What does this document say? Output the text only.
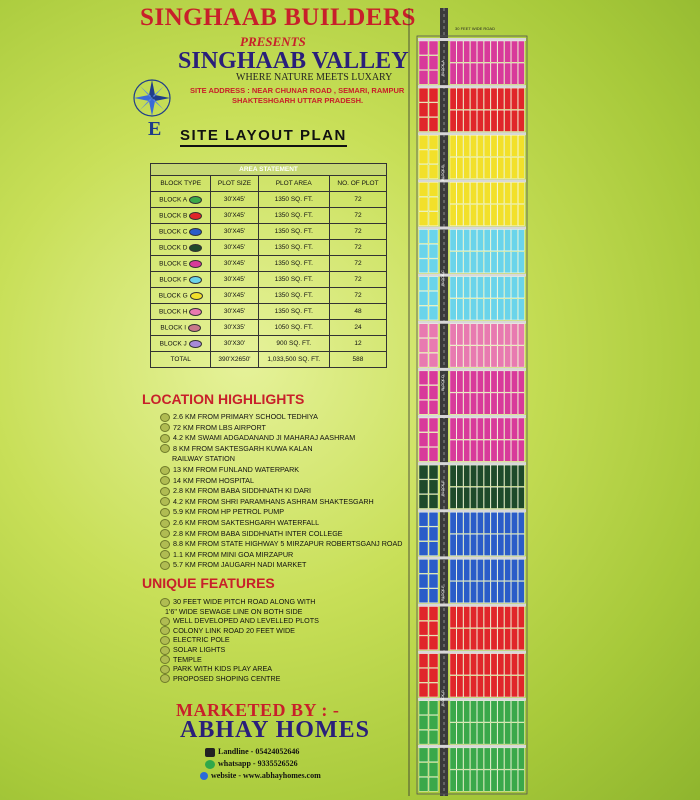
SINGHAAB BUILDERS
PRESENTS
SINGHAAB VALLEY
WHERE NATURE MEETS LUXARY
SITE ADDRESS : NEAR CHUNAR ROAD , SEMARI, RAMPUR
SHAKTESHGARH UTTAR PRADESH.
E SITE LAYOUT PLAN
AREA STATEMENT			
BLOCK TYPE	PLOT SIZE	PLOT AREA	NO. OF PLOT
BLOCK A	30'X45'	1350 SQ. FT.	72
BLOCK B	30'X45'	1350 SQ. FT.	72
BLOCK C	30'X45'	1350 SQ. FT.	72
BLOCK D	30'X45'	1350 SQ. FT.	72
BLOCK E	30'X45'	1350 SQ. FT.	72
BLOCK F	30'X45'	1350 SQ. FT.	72
BLOCK G	30'X45'	1350 SQ. FT.	72
BLOCK H	30'X45'	1350 SQ. FT.	48
BLOCK I	30'X35'	1050 SQ. FT.	24
BLOCK J	30'X30'	900 SQ. FT.	12
TOTAL	390'X2650'	1,033,500 SQ. FT.	588
LOCATION HIGHLIGHTS
2.6 KM FROM PRIMARY SCHOOL TEDHIYA
72 KM FROM LBS AIRPORT
4.2 KM SWAMI ADGADANAND JI MAHARAJ AASHRAM
8 KM FROM SAKTESGARH KUWA KALAN
RAILWAY STATION
13 KM FROM FUNLAND WATERPARK
14 KM FROM HOSPITAL
2.8 KM FROM BABA SIDDHNATH KI DARI
4.2 KM FROM SHRI PARAMHANS ASHRAM SHAKTESGARH
5.9 KM FROM HP PETROL PUMP
2.6 KM FROM SAKTESHGARH WATERFALL
2.8 KM FROM BABA SIDDHNATH INTER COLLEGE
8.8 KM FROM STATE HIGHWAY 5 MIRZAPUR ROBERTSGANJ ROAD
1.1 KM FROM MINI GOA MIRZAPUR
5.7 KM FROM JAUGARH NADI MARKET
UNIQUE FEATURES
30 FEET WIDE PITCH ROAD ALONG WITH
1'6" WIDE SEWAGE LINE ON BOTH SIDE
WELL DEVELOPED AND LEVELLED PLOTS
COLONY LINK ROAD 20 FEET WIDE
ELECTRIC POLE
SOLAR LIGHTS
TEMPLE
PARK WITH KIDS PLAY AREA
PROPOSED SHOPING CENTRE
MARKETED BY : -
ABHAY HOMES
Landline - 05424052646
whatsapp - 9335526526
website - www.abhayhomes.com
30 FEET WIDE ROAD
BLOCK-A
BLOCK-B
BLOCK-C
BLOCK-D
BLOCK-E
BLOCK-F
BLOCK-G
